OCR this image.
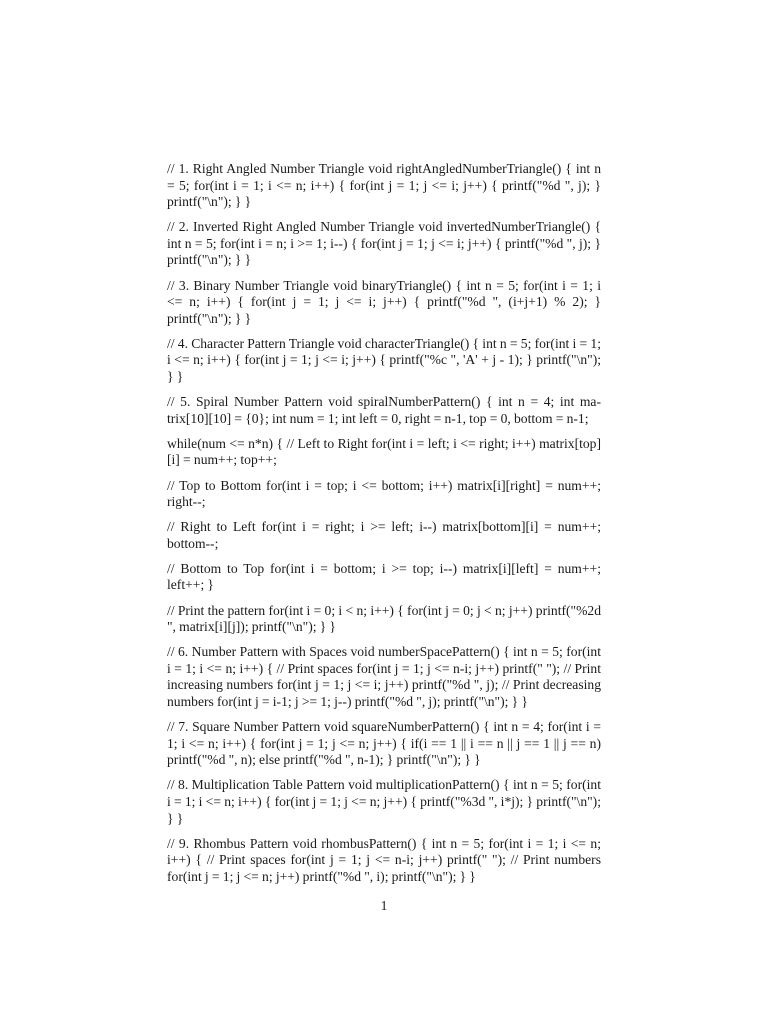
// 1. Right Angled Number Triangle void rightAngledNumberTriangle() { int n = 5; for(int i = 1; i <= n; i++) { for(int j = 1; j <= i; j++) { printf("%d ", j); } printf("\n"); } }

// 2. Inverted Right Angled Number Triangle void invertedNumberTriangle() { int n = 5; for(int i = n; i >= 1; i--) { for(int j = 1; j <= i; j++) { printf("%d ", j); } printf("\n"); } }

// 3. Binary Number Triangle void binaryTriangle() { int n = 5; for(int i = 1; i <= n; i++) { for(int j = 1; j <= i; j++) { printf("%d ", (i+j+1) % 2); } printf("\n"); } }

// 4. Character Pattern Triangle void characterTriangle() { int n = 5; for(int i = 1; i <= n; i++) { for(int j = 1; j <= i; j++) { printf("%c ", 'A' + j - 1); } printf("\n"); } }

// 5. Spiral Number Pattern void spiralNumberPattern() { int n = 4; int matrix[10][10] = {0}; int num = 1; int left = 0, right = n-1, top = 0, bottom = n-1;

while(num <= n*n) { // Left to Right for(int i = left; i <= right; i++) matrix[top][i] = num++; top++;

// Top to Bottom for(int i = top; i <= bottom; i++) matrix[i][right] = num++; right--;

// Right to Left for(int i = right; i >= left; i--) matrix[bottom][i] = num++; bottom--;

// Bottom to Top for(int i = bottom; i >= top; i--) matrix[i][left] = num++; left++; }

// Print the pattern for(int i = 0; i < n; i++) { for(int j = 0; j < n; j++) printf("%2d ", matrix[i][j]); printf("\n"); } }

// 6. Number Pattern with Spaces void numberSpacePattern() { int n = 5; for(int i = 1; i <= n; i++) { // Print spaces for(int j = 1; j <= n-i; j++) printf(" "); // Print increasing numbers for(int j = 1; j <= i; j++) printf("%d ", j); // Print decreasing numbers for(int j = i-1; j >= 1; j--) printf("%d ", j); printf("\n"); } }

// 7. Square Number Pattern void squareNumberPattern() { int n = 4; for(int i = 1; i <= n; i++) { for(int j = 1; j <= n; j++) { if(i == 1 || i == n || j == 1 || j == n) printf("%d ", n); else printf("%d ", n-1); } printf("\n"); } }

// 8. Multiplication Table Pattern void multiplicationPattern() { int n = 5; for(int i = 1; i <= n; i++) { for(int j = 1; j <= n; j++) { printf("%3d ", i*j); } printf("\n"); } }

// 9. Rhombus Pattern void rhombusPattern() { int n = 5; for(int i = 1; i <= n; i++) { // Print spaces for(int j = 1; j <= n-i; j++) printf(" "); // Print numbers for(int j = 1; j <= n; j++) printf("%d ", i); printf("\n"); } }

1
